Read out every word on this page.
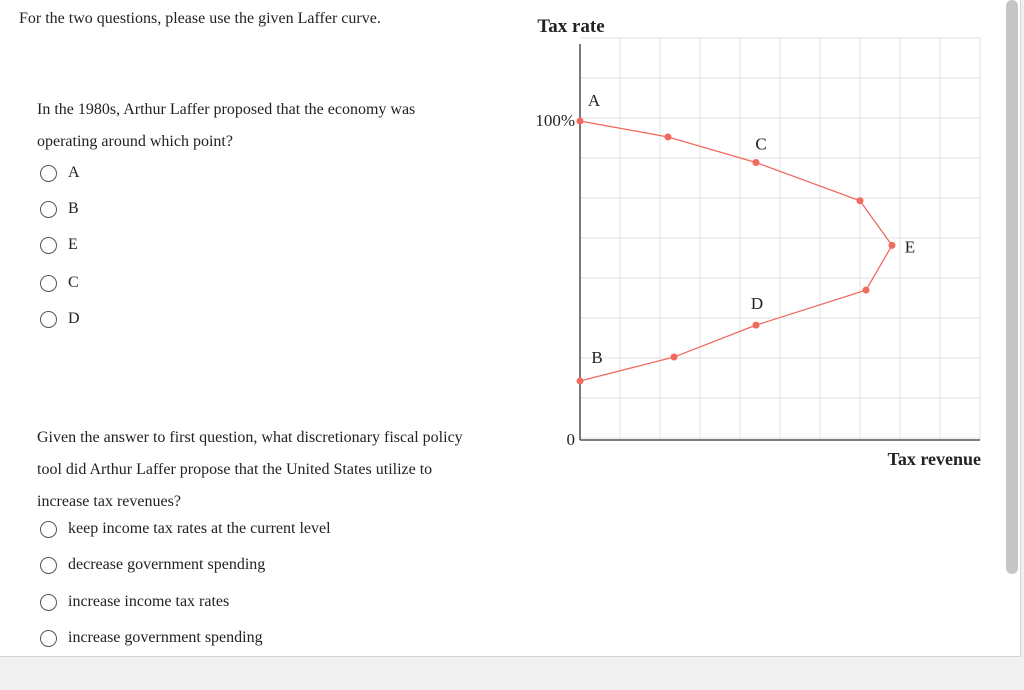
For the two questions, please use the given Laffer curve.
In the 1980s, Arthur Laffer proposed that the economy was operating around which point?
A
B
E
C
D
Given the answer to first question, what discretionary fiscal policy tool did Arthur Laffer propose that the United States utilize to increase tax revenues?
keep income tax rates at the current level
decrease government spending
increase income tax rates
increase government spending
Tax rate
Tax revenue
0
100%
A
C
E
D
B
